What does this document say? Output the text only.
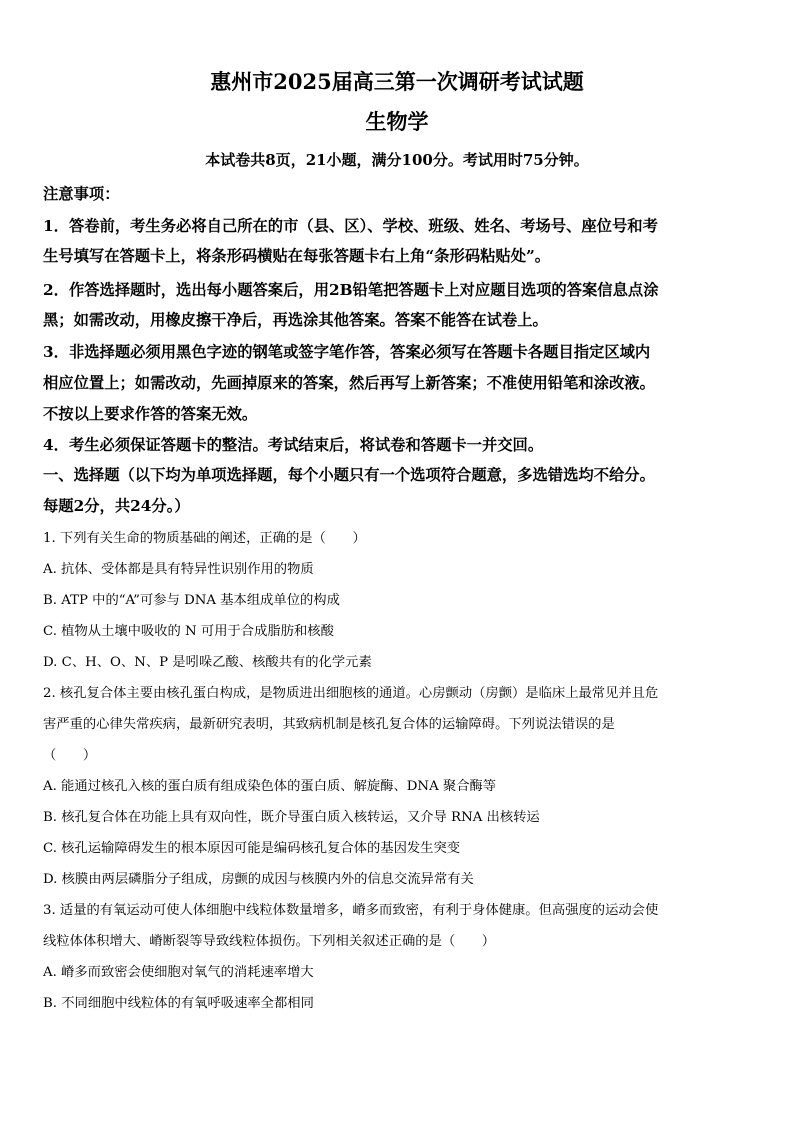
惠州市2025届高三第一次调研考试试题
生物学
本试卷共8页，21小题，满分100分。考试用时75分钟。
注意事项：
1．答卷前，考生务必将自己所在的市（县、区）、学校、班级、姓名、考场号、座位号和考
生号填写在答题卡上，将条形码横贴在每张答题卡右上角“条形码粘贴处”。
2．作答选择题时，选出每小题答案后，用2B铅笔把答题卡上对应题目选项的答案信息点涂
黑；如需改动，用橡皮擦干净后，再选涂其他答案。答案不能答在试卷上。
3．非选择题必须用黑色字迹的钢笔或签字笔作答，答案必须写在答题卡各题目指定区域内
相应位置上；如需改动，先画掉原来的答案，然后再写上新答案；不准使用铅笔和涂改液。
不按以上要求作答的答案无效。
4．考生必须保证答题卡的整洁。考试结束后，将试卷和答题卡一并交回。
一、选择题（以下均为单项选择题，每个小题只有一个选项符合题意，多选错选均不给分。
每题2分，共24分。）
1. 下列有关生命的物质基础的阐述，正确的是（　　）
A. 抗体、受体都是具有特异性识别作用的物质
B. ATP 中的“A”可参与 DNA 基本组成单位的构成
C. 植物从土壤中吸收的 N 可用于合成脂肪和核酸
D. C、H、O、N、P 是吲哚乙酸、核酸共有的化学元素
2. 核孔复合体主要由核孔蛋白构成，是物质进出细胞核的通道。心房颤动（房颤）是临床上最常见并且危
害严重的心律失常疾病，最新研究表明，其致病机制是核孔复合体的运输障碍。下列说法错误的是
（　　）
A. 能通过核孔入核的蛋白质有组成染色体的蛋白质、解旋酶、DNA 聚合酶等
B. 核孔复合体在功能上具有双向性，既介导蛋白质入核转运，又介导 RNA 出核转运
C. 核孔运输障碍发生的根本原因可能是编码核孔复合体的基因发生突变
D. 核膜由两层磷脂分子组成，房颤的成因与核膜内外的信息交流异常有关
3. 适量的有氧运动可使人体细胞中线粒体数量增多，嵴多而致密，有利于身体健康。但高强度的运动会使
线粒体体积增大、嵴断裂等导致线粒体损伤。下列相关叙述正确的是（　　）
A. 嵴多而致密会使细胞对氧气的消耗速率增大
B. 不同细胞中线粒体的有氧呼吸速率全都相同
